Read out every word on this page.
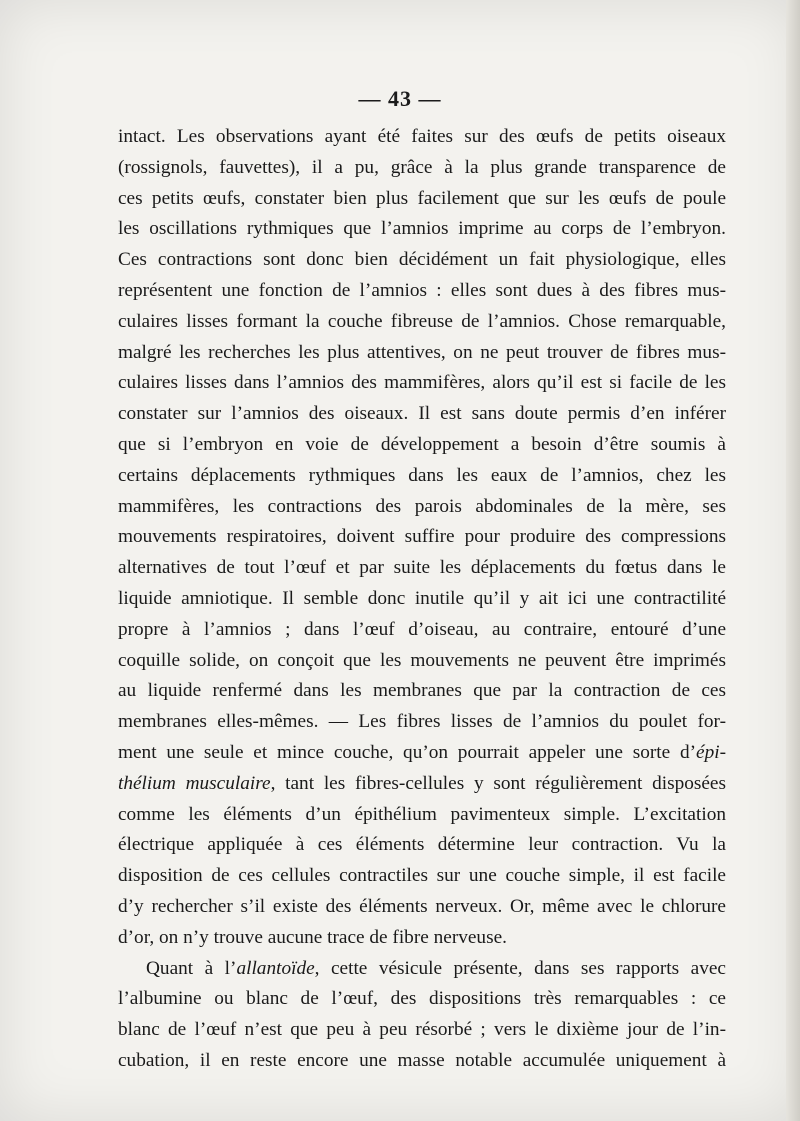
— 43 —
intact. Les observations ayant été faites sur des œufs de petits oiseaux
(rossignols, fauvettes), il a pu, grâce à la plus grande transparence de
ces petits œufs, constater bien plus facilement que sur les œufs de poule
les oscillations rythmiques que l’amnios imprime au corps de l’embryon.
Ces contractions sont donc bien décidément un fait physiologique, elles
représentent une fonction de l’amnios : elles sont dues à des fibres mus-
culaires lisses formant la couche fibreuse de l’amnios. Chose remarquable,
malgré les recherches les plus attentives, on ne peut trouver de fibres mus-
culaires lisses dans l’amnios des mammifères, alors qu’il est si facile de les
constater sur l’amnios des oiseaux. Il est sans doute permis d’en inférer
que si l’embryon en voie de développement a besoin d’être soumis à
certains déplacements rythmiques dans les eaux de l’amnios, chez les
mammifères, les contractions des parois abdominales de la mère, ses
mouvements respiratoires, doivent suffire pour produire des compressions
alternatives de tout l’œuf et par suite les déplacements du fœtus dans le
liquide amniotique. Il semble donc inutile qu’il y ait ici une contractilité
propre à l’amnios ; dans l’œuf d’oiseau, au contraire, entouré d’une
coquille solide, on conçoit que les mouvements ne peuvent être imprimés
au liquide renfermé dans les membranes que par la contraction de ces
membranes elles-mêmes. — Les fibres lisses de l’amnios du poulet for-
ment une seule et mince couche, qu’on pourrait appeler une sorte d’épi-
thélium musculaire, tant les fibres-cellules y sont régulièrement disposées
comme les éléments d’un épithélium pavimenteux simple. L’excitation
électrique appliquée à ces éléments détermine leur contraction. Vu la
disposition de ces cellules contractiles sur une couche simple, il est facile
d’y rechercher s’il existe des éléments nerveux. Or, même avec le chlorure
d’or, on n’y trouve aucune trace de fibre nerveuse.
Quant à l’allantoïde, cette vésicule présente, dans ses rapports avec
l’albumine ou blanc de l’œuf, des dispositions très remarquables : ce
blanc de l’œuf n’est que peu à peu résorbé ; vers le dixième jour de l’in-
cubation, il en reste encore une masse notable accumulée uniquement à
